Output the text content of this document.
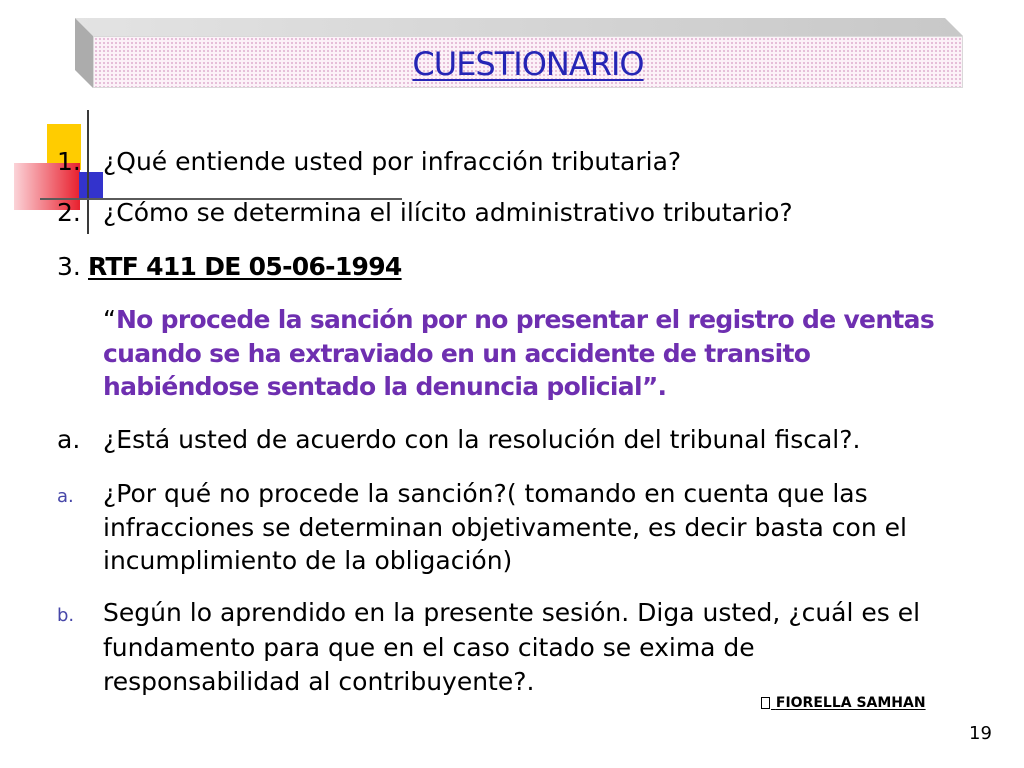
CUESTIONARIO
1. ¿Qué entiende usted por infracción tributaria?
2. ¿Cómo se determina el ilícito administrativo tributario?
3. RTF 411 DE 05-06-1994
“No procede la sanción por no presentar el registro de ventas
cuando se ha extraviado en un accidente de transito
habiéndose sentado la denuncia policial”.
a. ¿Está usted de acuerdo con la resolución del tribunal fiscal?.
a.	¿Por qué no procede la sanción?( tomando en cuenta que las
infracciones se determinan objetivamente, es decir basta con el
incumplimiento de la obligación)
b.	Según lo aprendido en la presente sesión. Diga usted, ¿cuál es el
fundamento para que en el caso citado se exima de
responsabilidad al contribuyente?.
FIORELLA SAMHAN
19
